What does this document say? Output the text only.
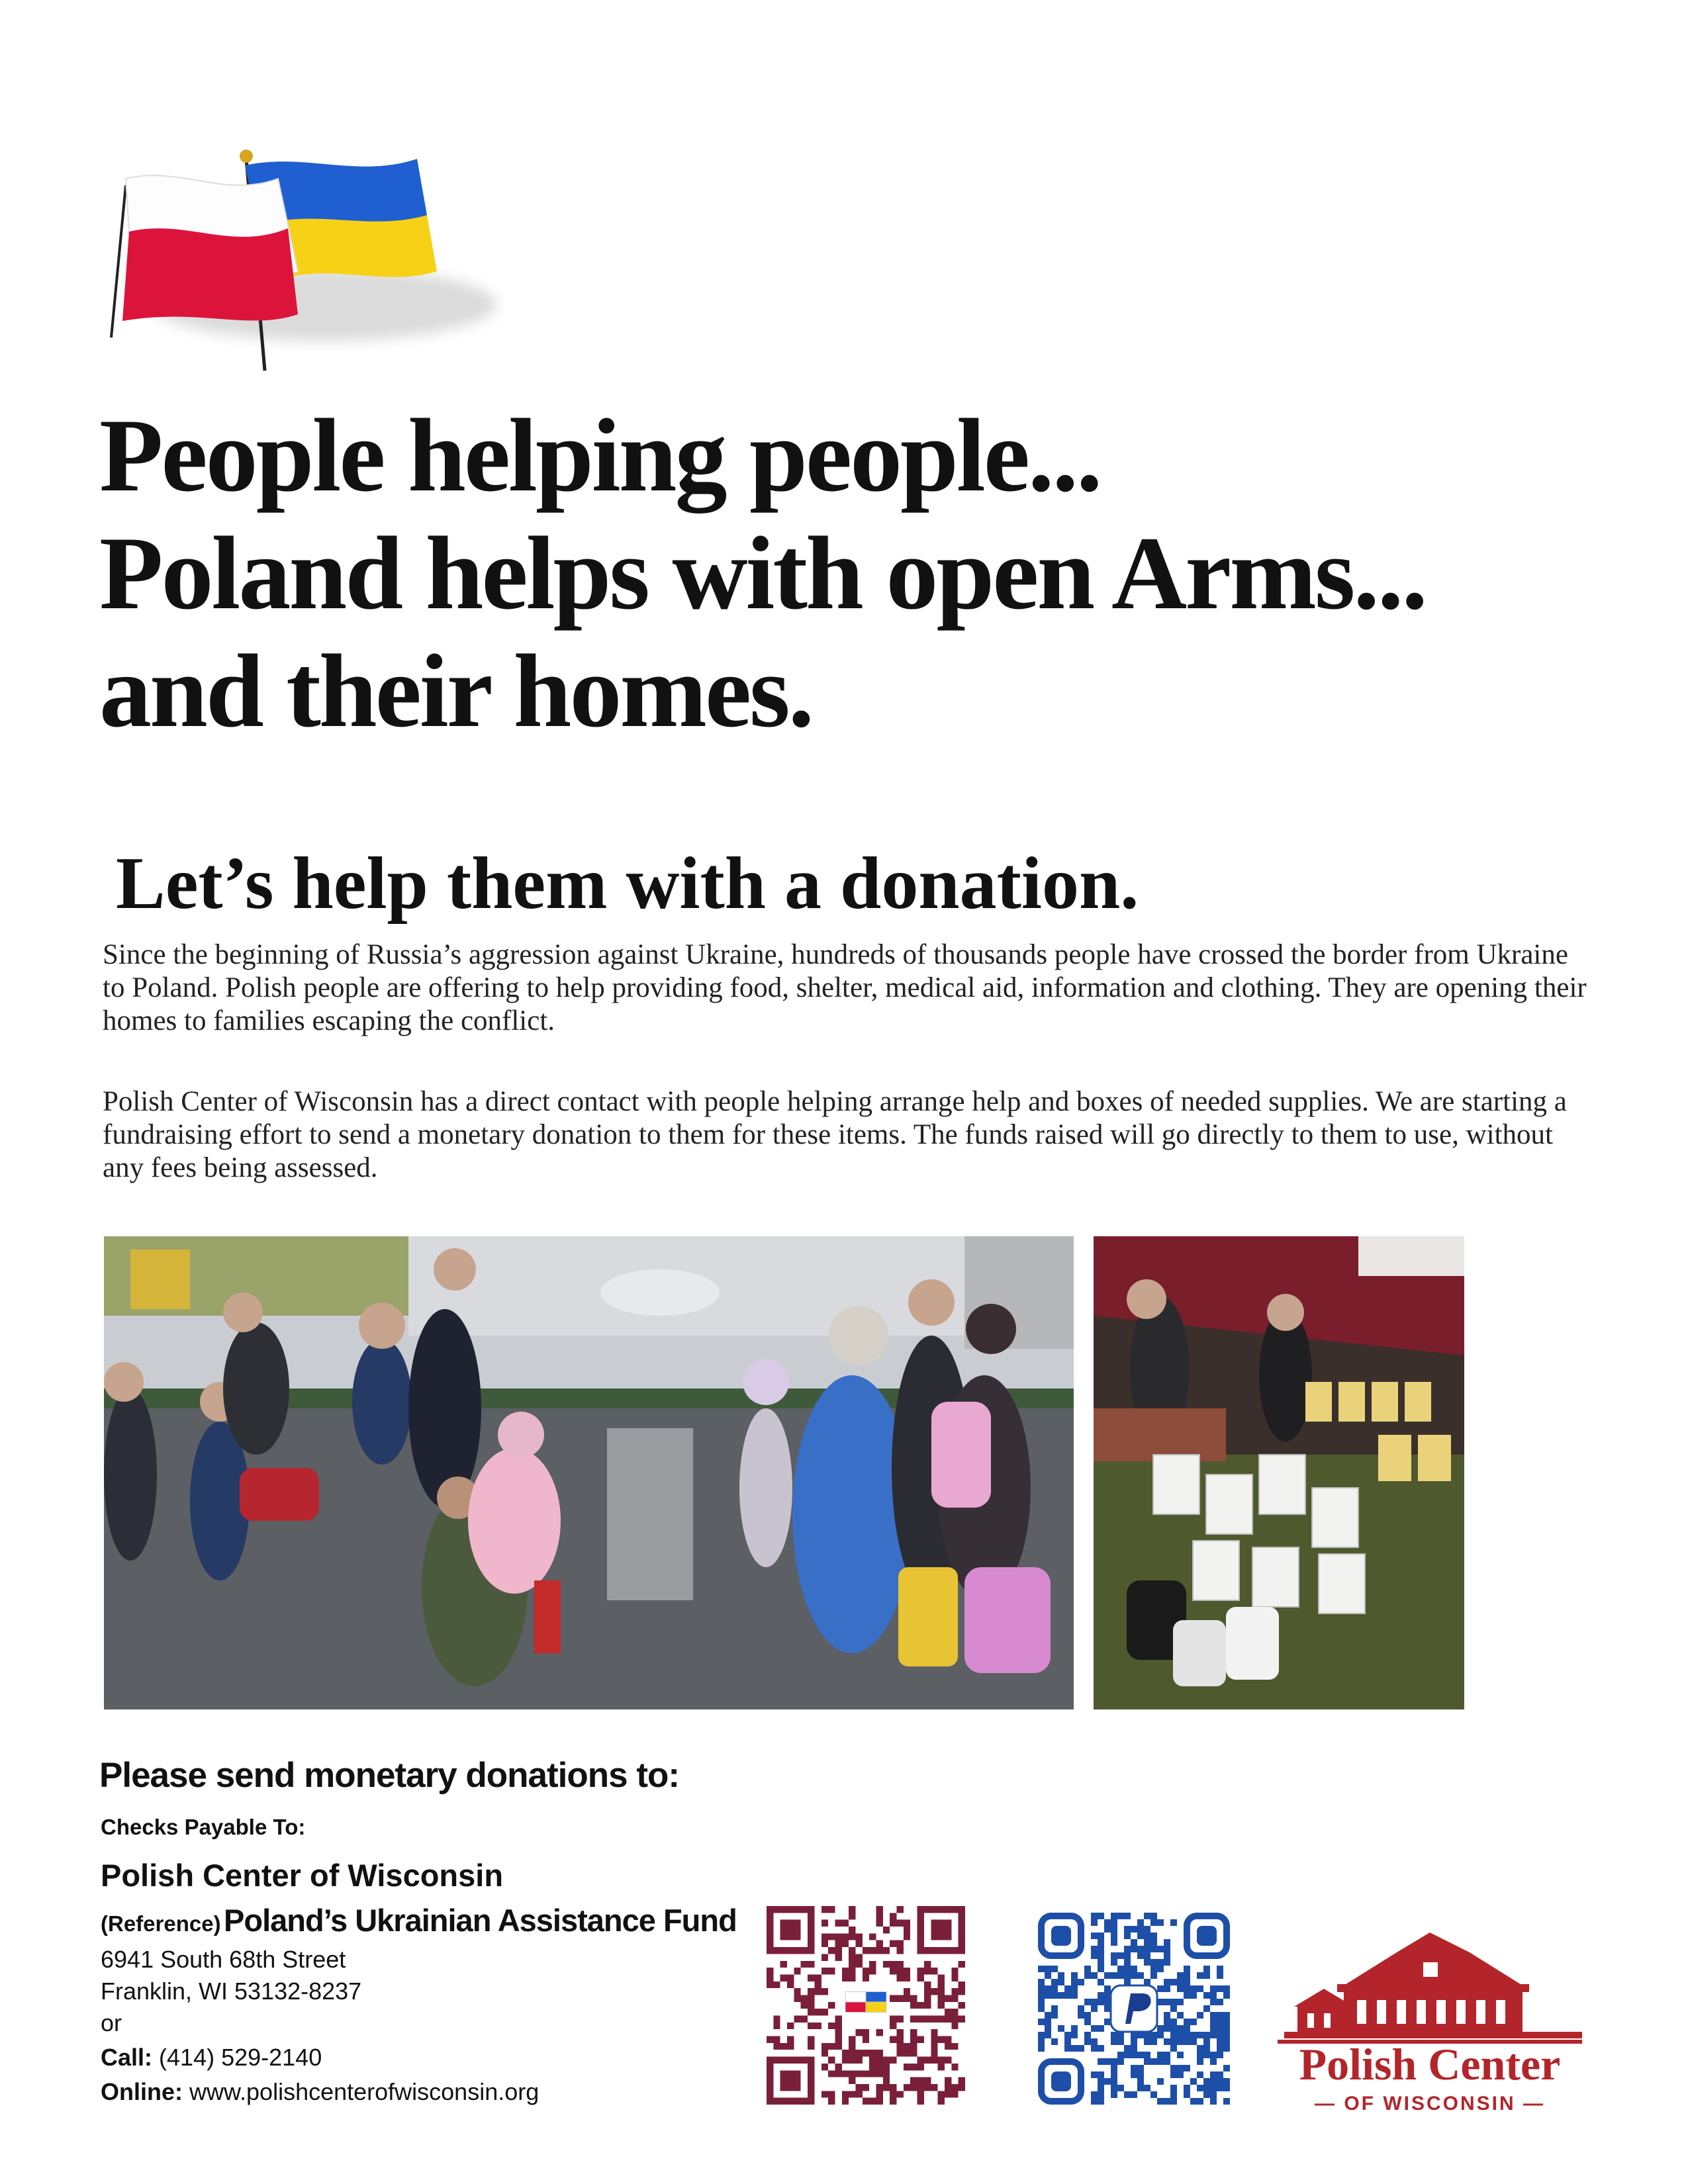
People helping people...
Poland helps with open Arms...
and their homes.
Let’s help them with a donation.
Since the beginning of Russia’s aggression against Ukraine, hundreds of thousands people have crossed the border from Ukraine to Poland. Polish people are offering to help providing food, shelter, medical aid, information and clothing. They are opening their homes to families escaping the conflict.
Polish Center of Wisconsin has a direct contact with people helping arrange help and boxes of needed supplies. We are starting a fundraising effort to send a monetary donation to them for these items. The funds raised will go directly to them to use, without any fees being assessed.
Please send monetary donations to:
Checks Payable To:
Polish Center of Wisconsin
(Reference) Poland’s Ukrainian Assistance Fund
6941 South 68th Street
Franklin, WI 53132-8237
or
Call: (414) 529-2140
Online: www.polishcenterofwisconsin.org
Polish Center
— OF WISCONSIN —
